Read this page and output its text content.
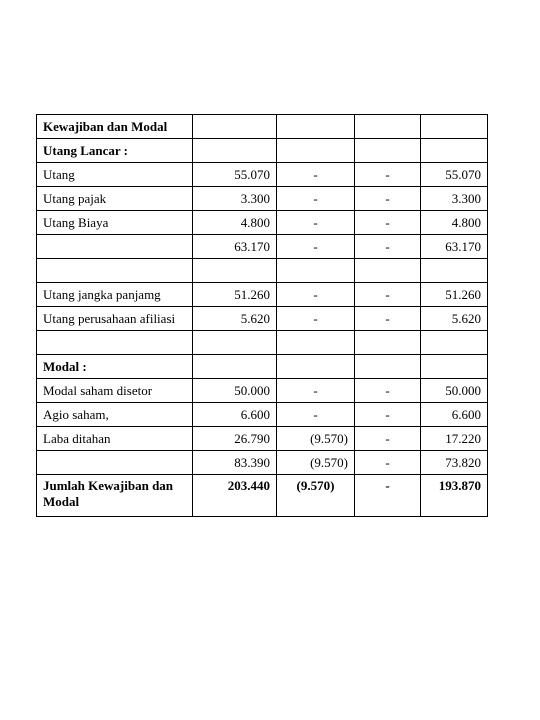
Kewajiban dan Modal				
Utang Lancar :				
Utang	55.070	-	-	55.070
Utang pajak	3.300	-	-	3.300
Utang Biaya	4.800	-	-	4.800
	63.170	-	-	63.170

Utang jangka panjamg	51.260	-	-	51.260
Utang perusahaan afiliasi	5.620	-	-	5.620

Modal :				
Modal saham disetor	50.000	-	-	50.000
Agio saham,	6.600	-	-	6.600
Laba ditahan	26.790	(9.570)	-	17.220
	83.390	(9.570)	-	73.820
Jumlah Kewajiban dan Modal	203.440	(9.570)	-	193.870
